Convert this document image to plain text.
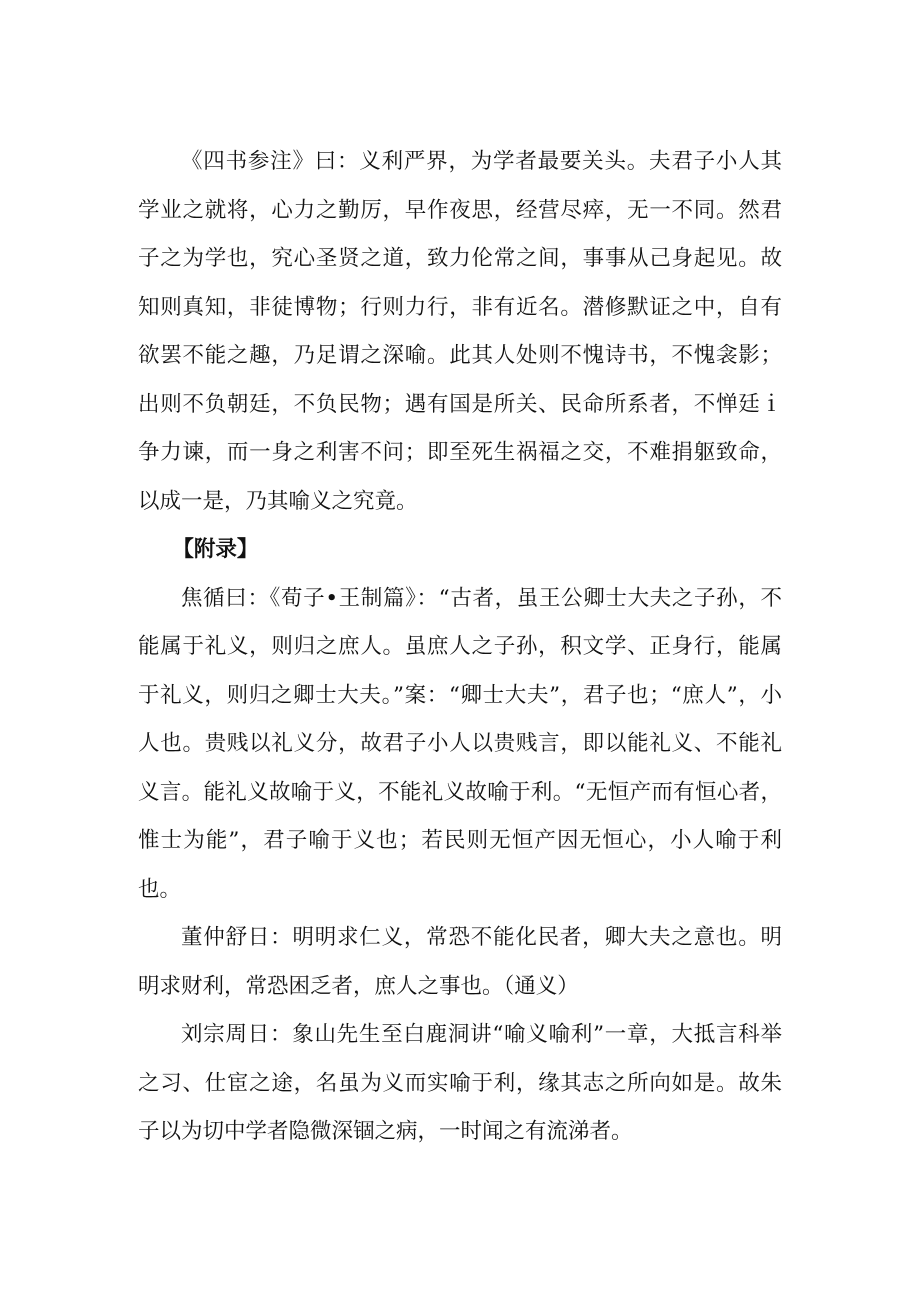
《四书参注》曰：义利严界，为学者最要关头。夫君子小人其学业之就将，心力之勤厉，早作夜思，经营尽瘁，无一不同。然君子之为学也，究心圣贤之道，致力伦常之间，事事从己身起见。故知则真知，非徒博物；行则力行，非有近名。潜修默证之中，自有欲罢不能之趣，乃足谓之深喻。此其人处则不愧诗书，不愧衾影；出则不负朝廷，不负民物；遇有国是所关、民命所系者，不惮廷ｉ争力谏，而一身之利害不问；即至死生祸福之交，不难捐躯致命，以成一是，乃其喻义之究竟。

【附录】

焦循曰：《荀子•王制篇》：“古者，虽王公卿士大夫之子孙，不能属于礼义，则归之庶人。虽庶人之子孙，积文学、正身行，能属于礼义，则归之卿士大夫。”案：“卿士大夫”，君子也；“庶人”，小人也。贵贱以礼义分，故君子小人以贵贱言，即以能礼义、不能礼义言。能礼义故喻于义，不能礼义故喻于利。“无恒产而有恒心者，惟士为能”，君子喻于义也；若民则无恒产因无恒心，小人喻于利也。

董仲舒日：明明求仁义，常恐不能化民者，卿大夫之意也。明明求财利，常恐困乏者，庶人之事也。（通义）

刘宗周日：象山先生至白鹿洞讲“喻义喻利”一章，大抵言科举之习、仕宦之途，名虽为义而实喻于利，缘其志之所向如是。故朱子以为切中学者隐微深锢之病，一时闻之有流涕者。
